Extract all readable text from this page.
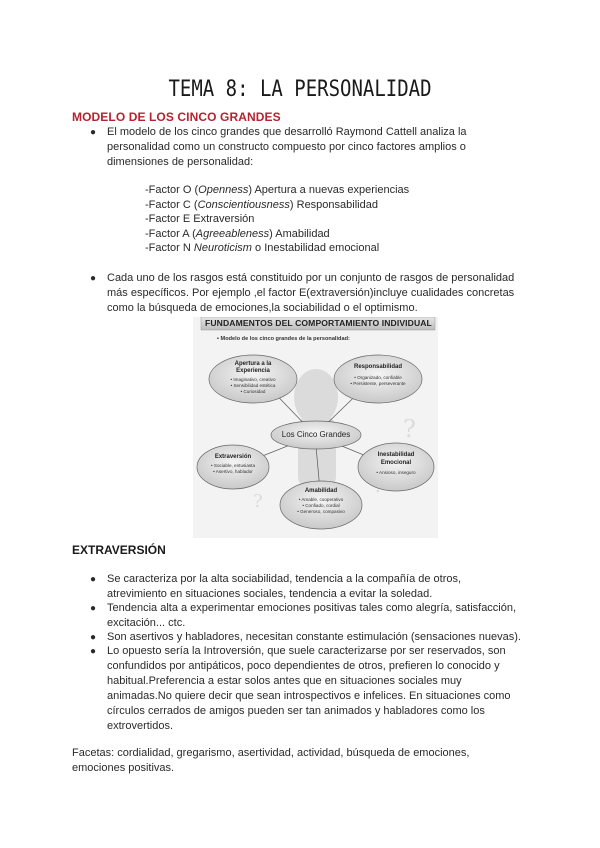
TEMA 8: LA PERSONALIDAD
MODELO DE LOS CINCO GRANDES
● El modelo de los cinco grandes que desarrolló Raymond Cattell analiza la
personalidad como un constructo compuesto por cinco factores amplios o
dimensiones de personalidad:
-Factor O (Openness) Apertura a nuevas experiencias
-Factor C (Conscientiousness) Responsabilidad
-Factor E Extraversión
-Factor A (Agreeableness) Amabilidad
-Factor N Neuroticism o Inestabilidad emocional
● Cada uno de los rasgos está constituido por un conjunto de rasgos de personalidad
más específicos. Por ejemplo ,el factor E(extraversión)incluye cualidades concretas
como la búsqueda de emociones,la sociabilidad o el optimismo.
?
?
FUNDAMENTOS DEL COMPORTAMIENTO INDIVIDUAL
▪ Modelo de los cinco grandes de la personalidad:
Apertura a la
Experiencia
• Imaginativo, creativo
• Sensibilidad estética
• Curiosidad
Responsabilidad
• Organizado, confiable
• Persistente, perseverante
Los Cinco Grandes
Extraversión
• Sociable, entusiasta
• Asertivo, hablador
Inestabilidad
Emocional
• Ansioso, inseguro
Amabilidad
• Amable, cooperativo
• Confiado, cordial
• Generoso, compasivo
EXTRAVERSIÓN
● Se caracteriza por la alta sociabilidad, tendencia a la compañía de otros,
atrevimiento en situaciones sociales, tendencia a evitar la soledad.
● Tendencia alta a experimentar emociones positivas tales como alegría, satisfacción,
excitación... ctc.
● Son asertivos y habladores, necesitan constante estimulación (sensaciones nuevas).
● Lo opuesto sería la Introversión, que suele caracterizarse por ser reservados, son
confundidos por antipáticos, poco dependientes de otros, prefieren lo conocido y
habitual.Preferencia a estar solos antes que en situaciones sociales muy
animadas.No quiere decir que sean introspectivos e infelices. En situaciones como
círculos cerrados de amigos pueden ser tan animados y habladores como los
extrovertidos.
Facetas: cordialidad, gregarismo, asertividad, actividad, búsqueda de emociones,
emociones positivas.
